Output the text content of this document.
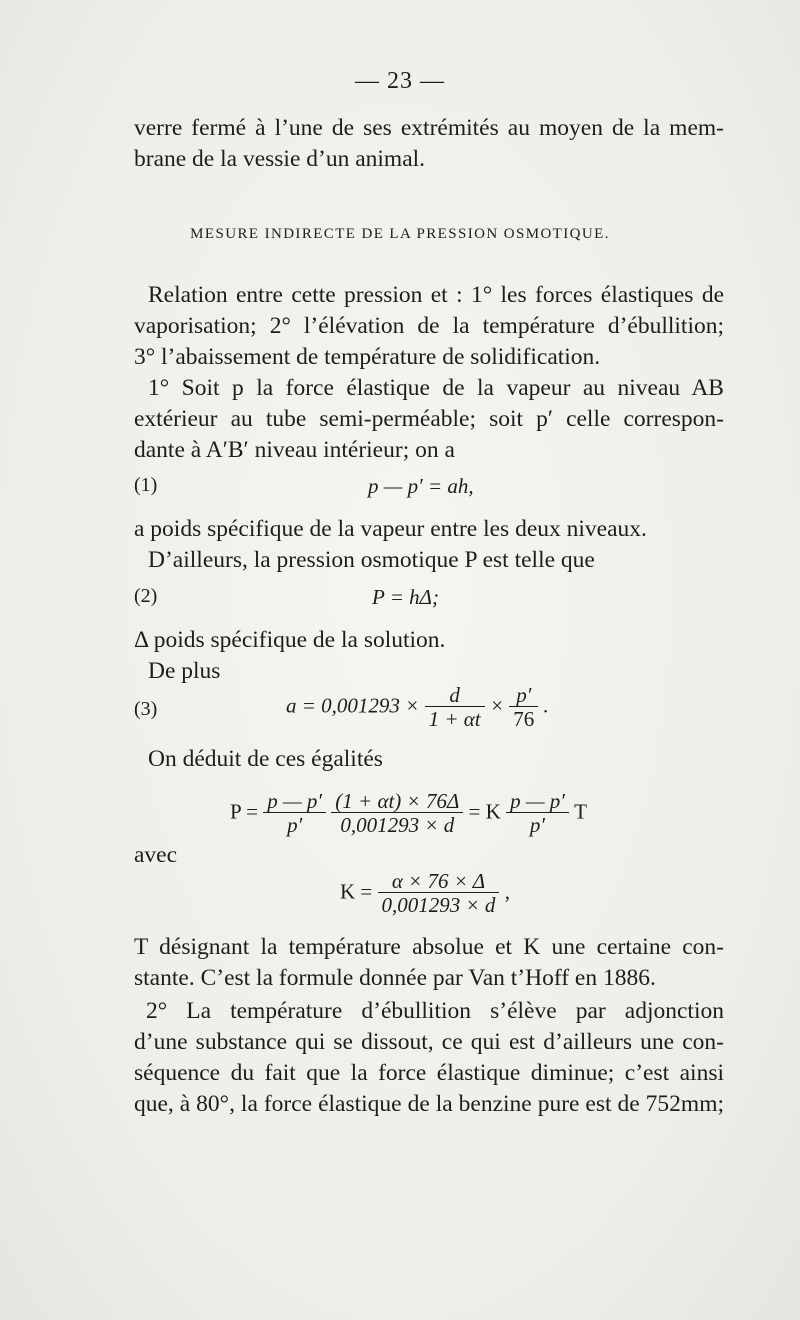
— 23 —
verre fermé à l’une de ses extrémités au moyen de la mem-
brane de la vessie d’un animal.
MESURE INDIRECTE DE LA PRESSION OSMOTIQUE.
Relation entre cette pression et : 1° les forces élastiques de
vaporisation; 2° l’élévation de la température d’ébullition;
3° l’abaissement de température de solidification.
1° Soit p la force élastique de la vapeur au niveau AB
extérieur au tube semi-perméable; soit p′ celle correspon-
dante à A′B′ niveau intérieur; on a
(1)	p — p′ = ah,
a poids spécifique de la vapeur entre les deux niveaux.
D’ailleurs, la pression osmotique P est telle que
(2)	P = hΔ;
Δ poids spécifique de la solution.
De plus
(3)	$a = 0,001293 \times \frac{d}{1 + \alpha t} \times \frac{p'}{76}$ .
On déduit de ces égalités
$P = \frac{p — p'}{p'}$
$\frac{(1 + \alpha t) \times 76\Delta}{0,001293 \times d} = K \frac{p — p'}{p'}$ T
avec
$K = \frac{\alpha \times 76 \times \Delta}{0,001293 \times d}$ ,
T désignant la température absolue et K une certaine con-
stante. C’est la formule donnée par Van t’Hoff en 1886.
2° La température d’ébullition s’élève par adjonction
d’une substance qui se dissout, ce qui est d’ailleurs une con-
séquence du fait que la force élastique diminue; c’est ainsi
que, à 80°, la force élastique de la benzine pure est de 752mm;
